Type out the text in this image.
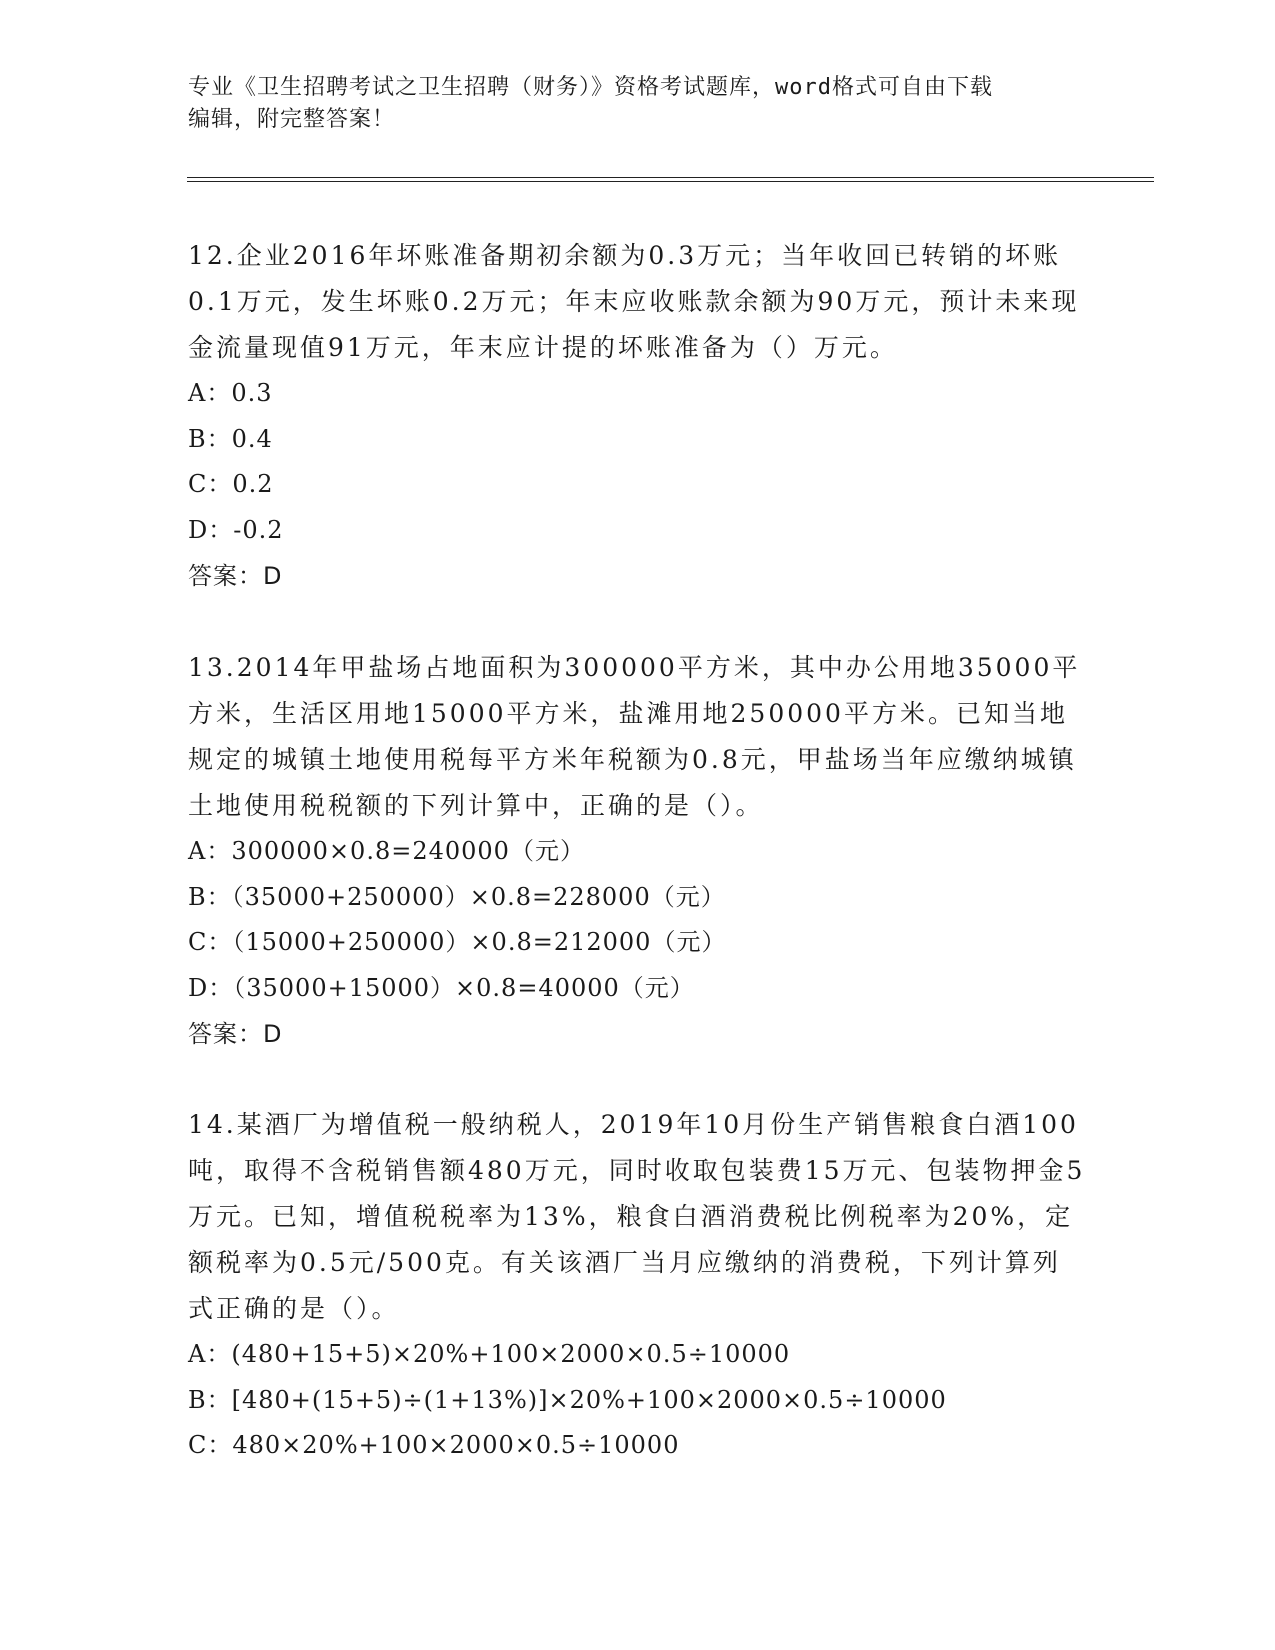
专业《卫生招聘考试之卫生招聘（财务）》资格考试题库，word格式可自由下载
编辑，附完整答案！

12.企业2016年坏账准备期初余额为0.3万元；当年收回已转销的坏账0.1万元，发生坏账0.2万元；年末应收账款余额为90万元，预计未来现金流量现值91万元，年末应计提的坏账准备为（）万元。

A：0.3

B：0.4

C：0.2

D：-0.2

答案：D

13.2014年甲盐场占地面积为300000平方米，其中办公用地35000平方米，生活区用地15000平方米，盐滩用地250000平方米。已知当地规定的城镇土地使用税每平方米年税额为0.8元，甲盐场当年应缴纳城镇土地使用税税额的下列计算中，正确的是（）。

A：300000×0.8=240000（元）

B：（35000+250000）×0.8=228000（元）

C：（15000+250000）×0.8=212000（元）

D：（35000+15000）×0.8=40000（元）

答案：D

14.某酒厂为增值税一般纳税人，2019年10月份生产销售粮食白酒100吨，取得不含税销售额480万元，同时收取包装费15万元、包装物押金5万元。已知，增值税税率为13%，粮食白酒消费税比例税率为20%，定额税率为0.5元/500克。有关该酒厂当月应缴纳的消费税，下列计算列式正确的是（）。

A：(480+15+5)×20%+100×2000×0.5÷10000

B：[480+(15+5)÷(1+13%)]×20%+100×2000×0.5÷10000

C：480×20%+100×2000×0.5÷10000
